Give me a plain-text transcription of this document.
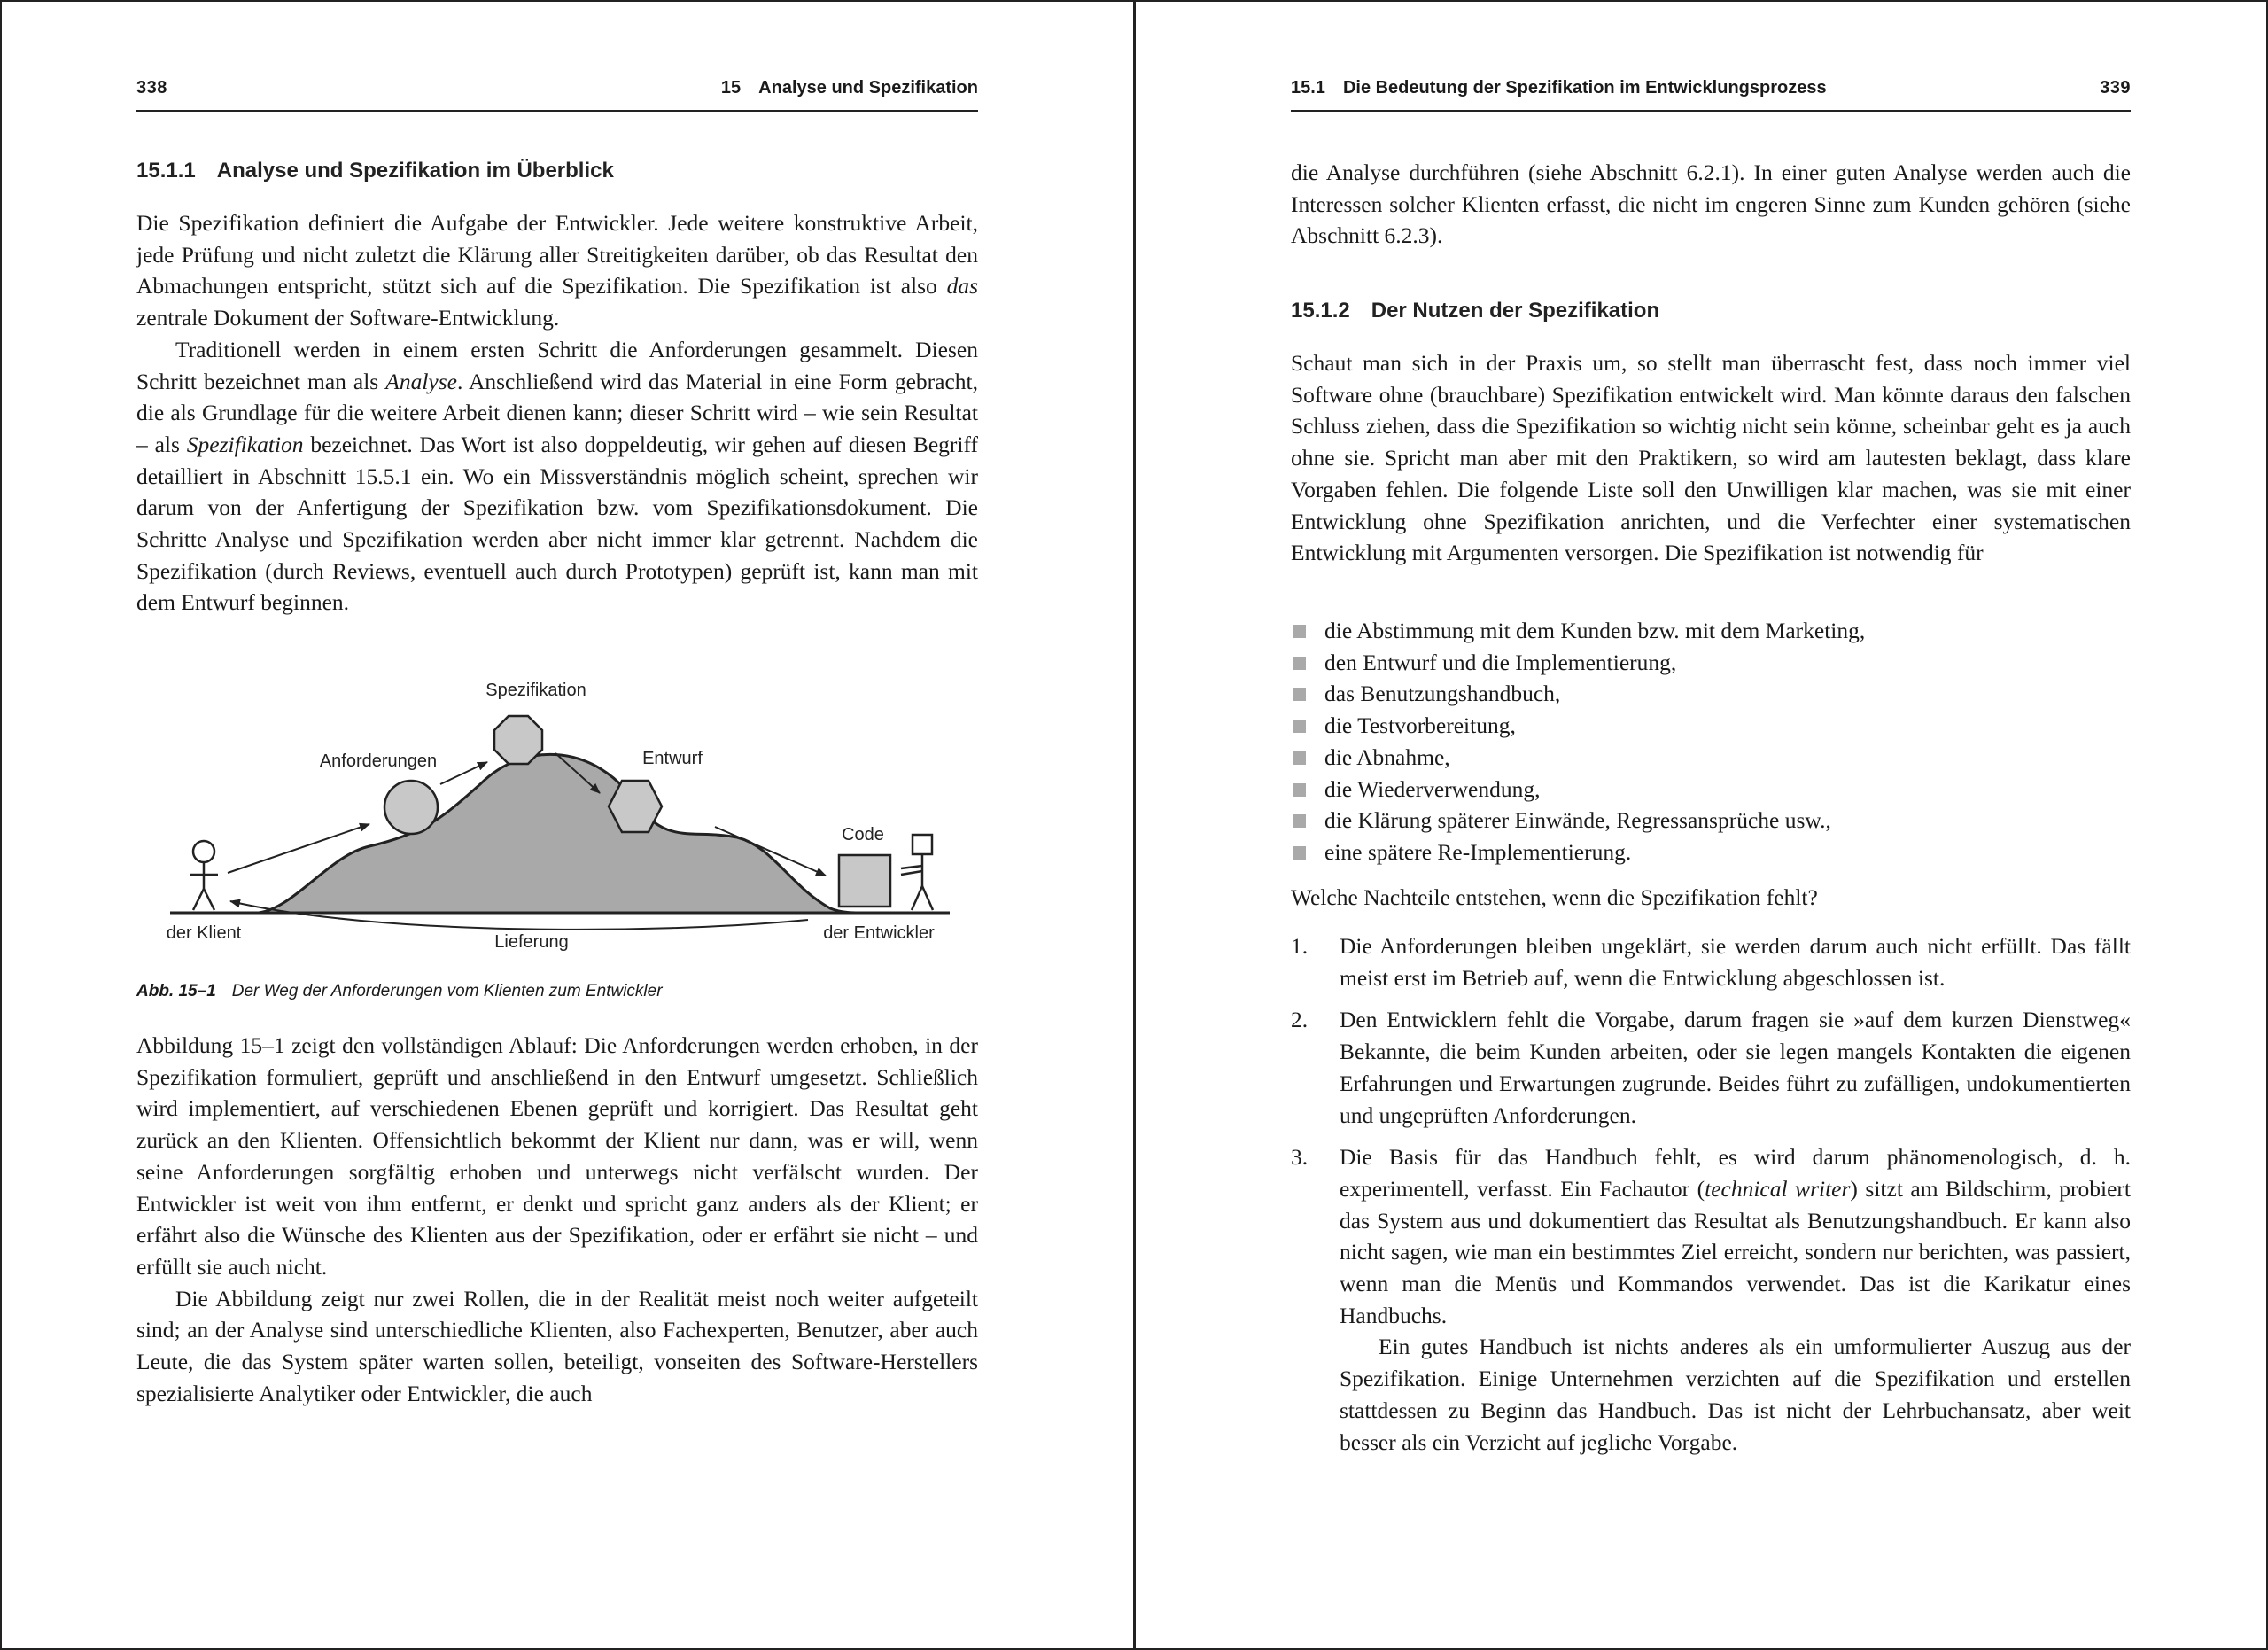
338	15 Analyse und Spezifikation
15.1.1 Analyse und Spezifikation im Überblick

Die Spezifikation definiert die Aufgabe der Entwickler. Jede weitere konstruktive Arbeit, jede Prüfung und nicht zuletzt die Klärung aller Streitigkeiten darüber, ob das Resultat den Abmachungen entspricht, stützt sich auf die Spezifikation. Die Spezifikation ist also das zentrale Dokument der Software-Entwicklung.

Traditionell werden in einem ersten Schritt die Anforderungen gesammelt. Diesen Schritt bezeichnet man als Analyse. Anschließend wird das Material in eine Form gebracht, die als Grundlage für die weitere Arbeit dienen kann; dieser Schritt wird – wie sein Resultat – als Spezifikation bezeichnet. Das Wort ist also doppeldeutig, wir gehen auf diesen Begriff detailliert in Abschnitt 15.5.1 ein. Wo ein Missverständnis möglich scheint, sprechen wir darum von der Anfertigung der Spezifikation bzw. vom Spezifikationsdokument. Die Schritte Analyse und Spezifikation werden aber nicht immer klar getrennt. Nachdem die Spezifikation (durch Reviews, eventuell auch durch Prototypen) geprüft ist, kann man mit dem Entwurf beginnen.

Spezifikation
Anforderungen	Entwurf
Code
der Klient	Lieferung	der Entwickler
Abb. 15–1 Der Weg der Anforderungen vom Klienten zum Entwickler

Abbildung 15–1 zeigt den vollständigen Ablauf: Die Anforderungen werden erhoben, in der Spezifikation formuliert, geprüft und anschließend in den Entwurf umgesetzt. Schließlich wird implementiert, auf verschiedenen Ebenen geprüft und korrigiert. Das Resultat geht zurück an den Klienten. Offensichtlich bekommt der Klient nur dann, was er will, wenn seine Anforderungen sorgfältig erhoben und unterwegs nicht verfälscht wurden. Der Entwickler ist weit von ihm entfernt, er denkt und spricht ganz anders als der Klient; er erfährt also die Wünsche des Klienten aus der Spezifikation, oder er erfährt sie nicht – und erfüllt sie auch nicht.

Die Abbildung zeigt nur zwei Rollen, die in der Realität meist noch weiter aufgeteilt sind; an der Analyse sind unterschiedliche Klienten, also Fachexperten, Benutzer, aber auch Leute, die das System später warten sollen, beteiligt, vonseiten des Software-Herstellers spezialisierte Analytiker oder Entwickler, die auch

15.1 Die Bedeutung der Spezifikation im Entwicklungsprozess	339

die Analyse durchführen (siehe Abschnitt 6.2.1). In einer guten Analyse werden auch die Interessen solcher Klienten erfasst, die nicht im engeren Sinne zum Kunden gehören (siehe Abschnitt 6.2.3).

15.1.2 Der Nutzen der Spezifikation

Schaut man sich in der Praxis um, so stellt man überrascht fest, dass noch immer viel Software ohne (brauchbare) Spezifikation entwickelt wird. Man könnte daraus den falschen Schluss ziehen, dass die Spezifikation so wichtig nicht sein könne, scheinbar geht es ja auch ohne sie. Spricht man aber mit den Praktikern, so wird am lautesten beklagt, dass klare Vorgaben fehlen. Die folgende Liste soll den Unwilligen klar machen, was sie mit einer Entwicklung ohne Spezifikation anrichten, und die Verfechter einer systematischen Entwicklung mit Argumenten versorgen. Die Spezifikation ist notwendig für

die Abstimmung mit dem Kunden bzw. mit dem Marketing,
den Entwurf und die Implementierung,
das Benutzungshandbuch,
die Testvorbereitung,
die Abnahme,
die Wiederverwendung,
die Klärung späterer Einwände, Regressansprüche usw.,
eine spätere Re-Implementierung.

Welche Nachteile entstehen, wenn die Spezifikation fehlt?

1. Die Anforderungen bleiben ungeklärt, sie werden darum auch nicht erfüllt. Das fällt meist erst im Betrieb auf, wenn die Entwicklung abgeschlossen ist.

2. Den Entwicklern fehlt die Vorgabe, darum fragen sie »auf dem kurzen Dienstweg« Bekannte, die beim Kunden arbeiten, oder sie legen mangels Kontakten die eigenen Erfahrungen und Erwartungen zugrunde. Beides führt zu zufälligen, undokumentierten und ungeprüften Anforderungen.

3. Die Basis für das Handbuch fehlt, es wird darum phänomenologisch, d. h. experimentell, verfasst. Ein Fachautor (technical writer) sitzt am Bildschirm, probiert das System aus und dokumentiert das Resultat als Benutzungshandbuch. Er kann also nicht sagen, wie man ein bestimmtes Ziel erreicht, sondern nur berichten, was passiert, wenn man die Menüs und Kommandos verwendet. Das ist die Karikatur eines Handbuchs.

Ein gutes Handbuch ist nichts anderes als ein umformulierter Auszug aus der Spezifikation. Einige Unternehmen verzichten auf die Spezifikation und erstellen stattdessen zu Beginn das Handbuch. Das ist nicht der Lehrbuchansatz, aber weit besser als ein Verzicht auf jegliche Vorgabe.
